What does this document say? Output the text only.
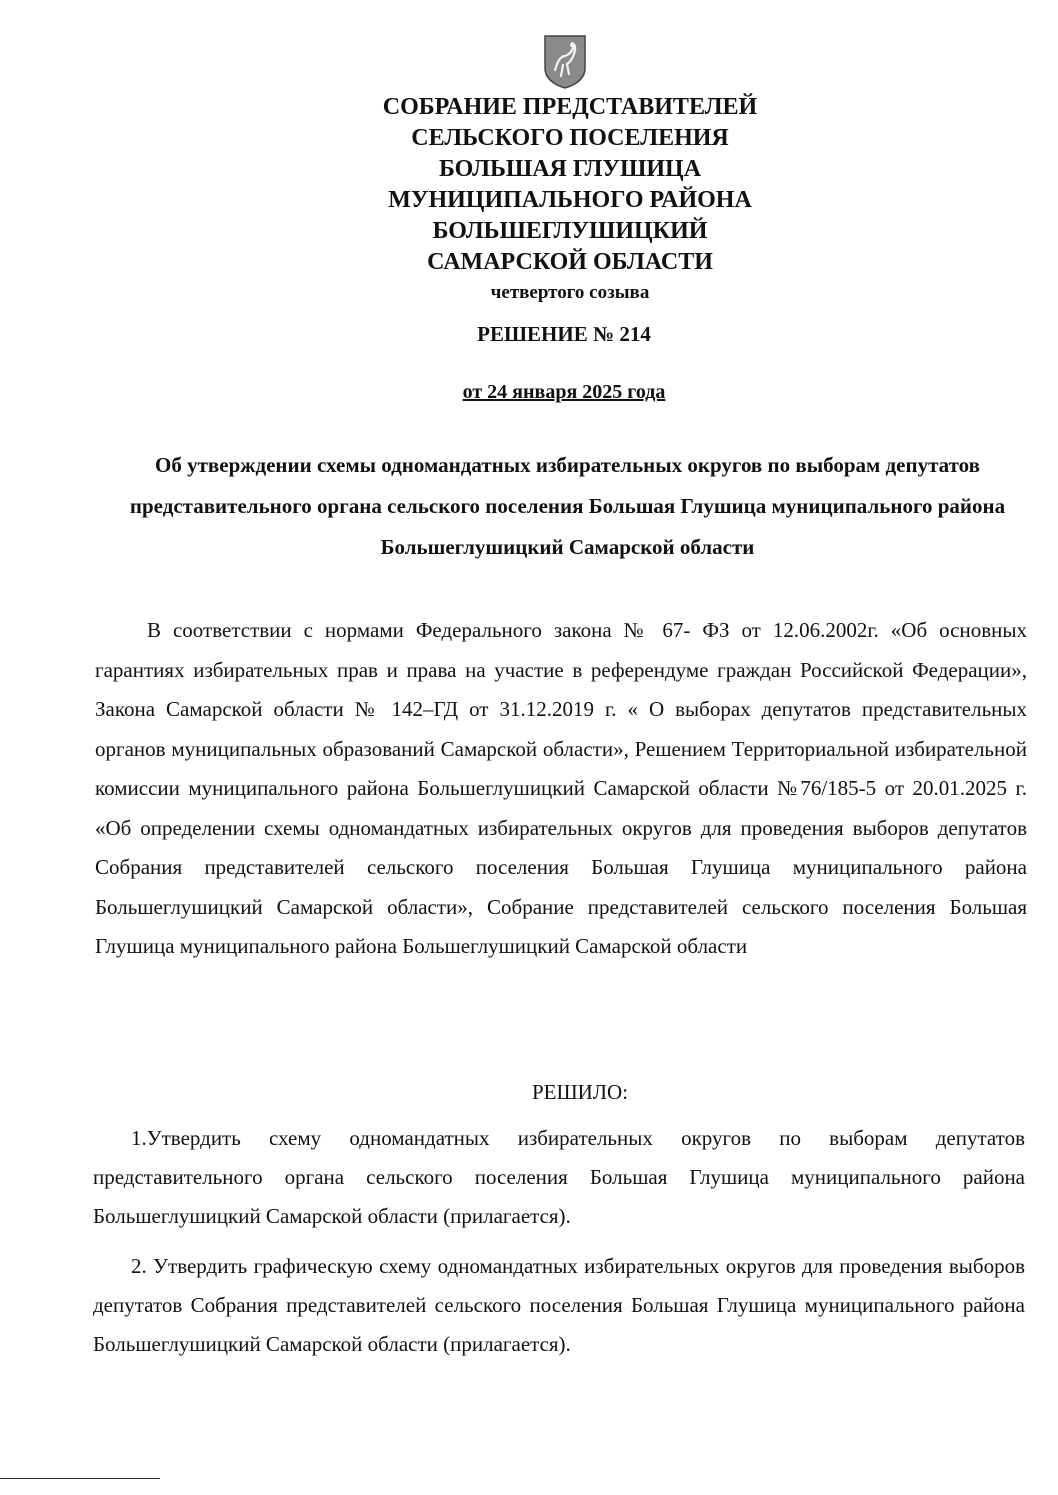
СОБРАНИЕ ПРЕДСТАВИТЕЛЕЙ
СЕЛЬСКОГО ПОСЕЛЕНИЯ
БОЛЬШАЯ ГЛУШИЦА
МУНИЦИПАЛЬНОГО РАЙОНА
БОЛЬШЕГЛУШИЦКИЙ
САМАРСКОЙ ОБЛАСТИ
четвертого созыва
РЕШЕНИЕ № 214
от 24 января 2025 года
Об утверждении схемы одномандатных избирательных округов по выборам депутатов представительного органа сельского поселения Большая Глушица муниципального района Большеглушицкий Самарской области
В соответствии с нормами Федерального закона № 67- ФЗ от 12.06.2002г. «Об основных гарантиях избирательных прав и права на участие в референдуме граждан Российской Федерации», Закона Самарской области № 142–ГД от 31.12.2019 г. « О выборах депутатов представительных органов муниципальных образований Самарской области», Решением Территориальной избирательной комиссии муниципального района Большеглушицкий Самарской области №76/185-5 от 20.01.2025 г. «Об определении схемы одномандатных избирательных округов для проведения выборов депутатов Собрания представителей сельского поселения Большая Глушица муниципального района Большеглушицкий Самарской области», Собрание представителей сельского поселения Большая Глушица муниципального района Большеглушицкий Самарской области
РЕШИЛО:
1.Утвердить схему одномандатных избирательных округов по выборам депутатов представительного органа сельского поселения Большая Глушица муниципального района Большеглушицкий Самарской области (прилагается).
2. Утвердить графическую схему одномандатных избирательных округов для проведения выборов депутатов Собрания представителей сельского поселения Большая Глушица муниципального района Большеглушицкий Самарской области (прилагается).
